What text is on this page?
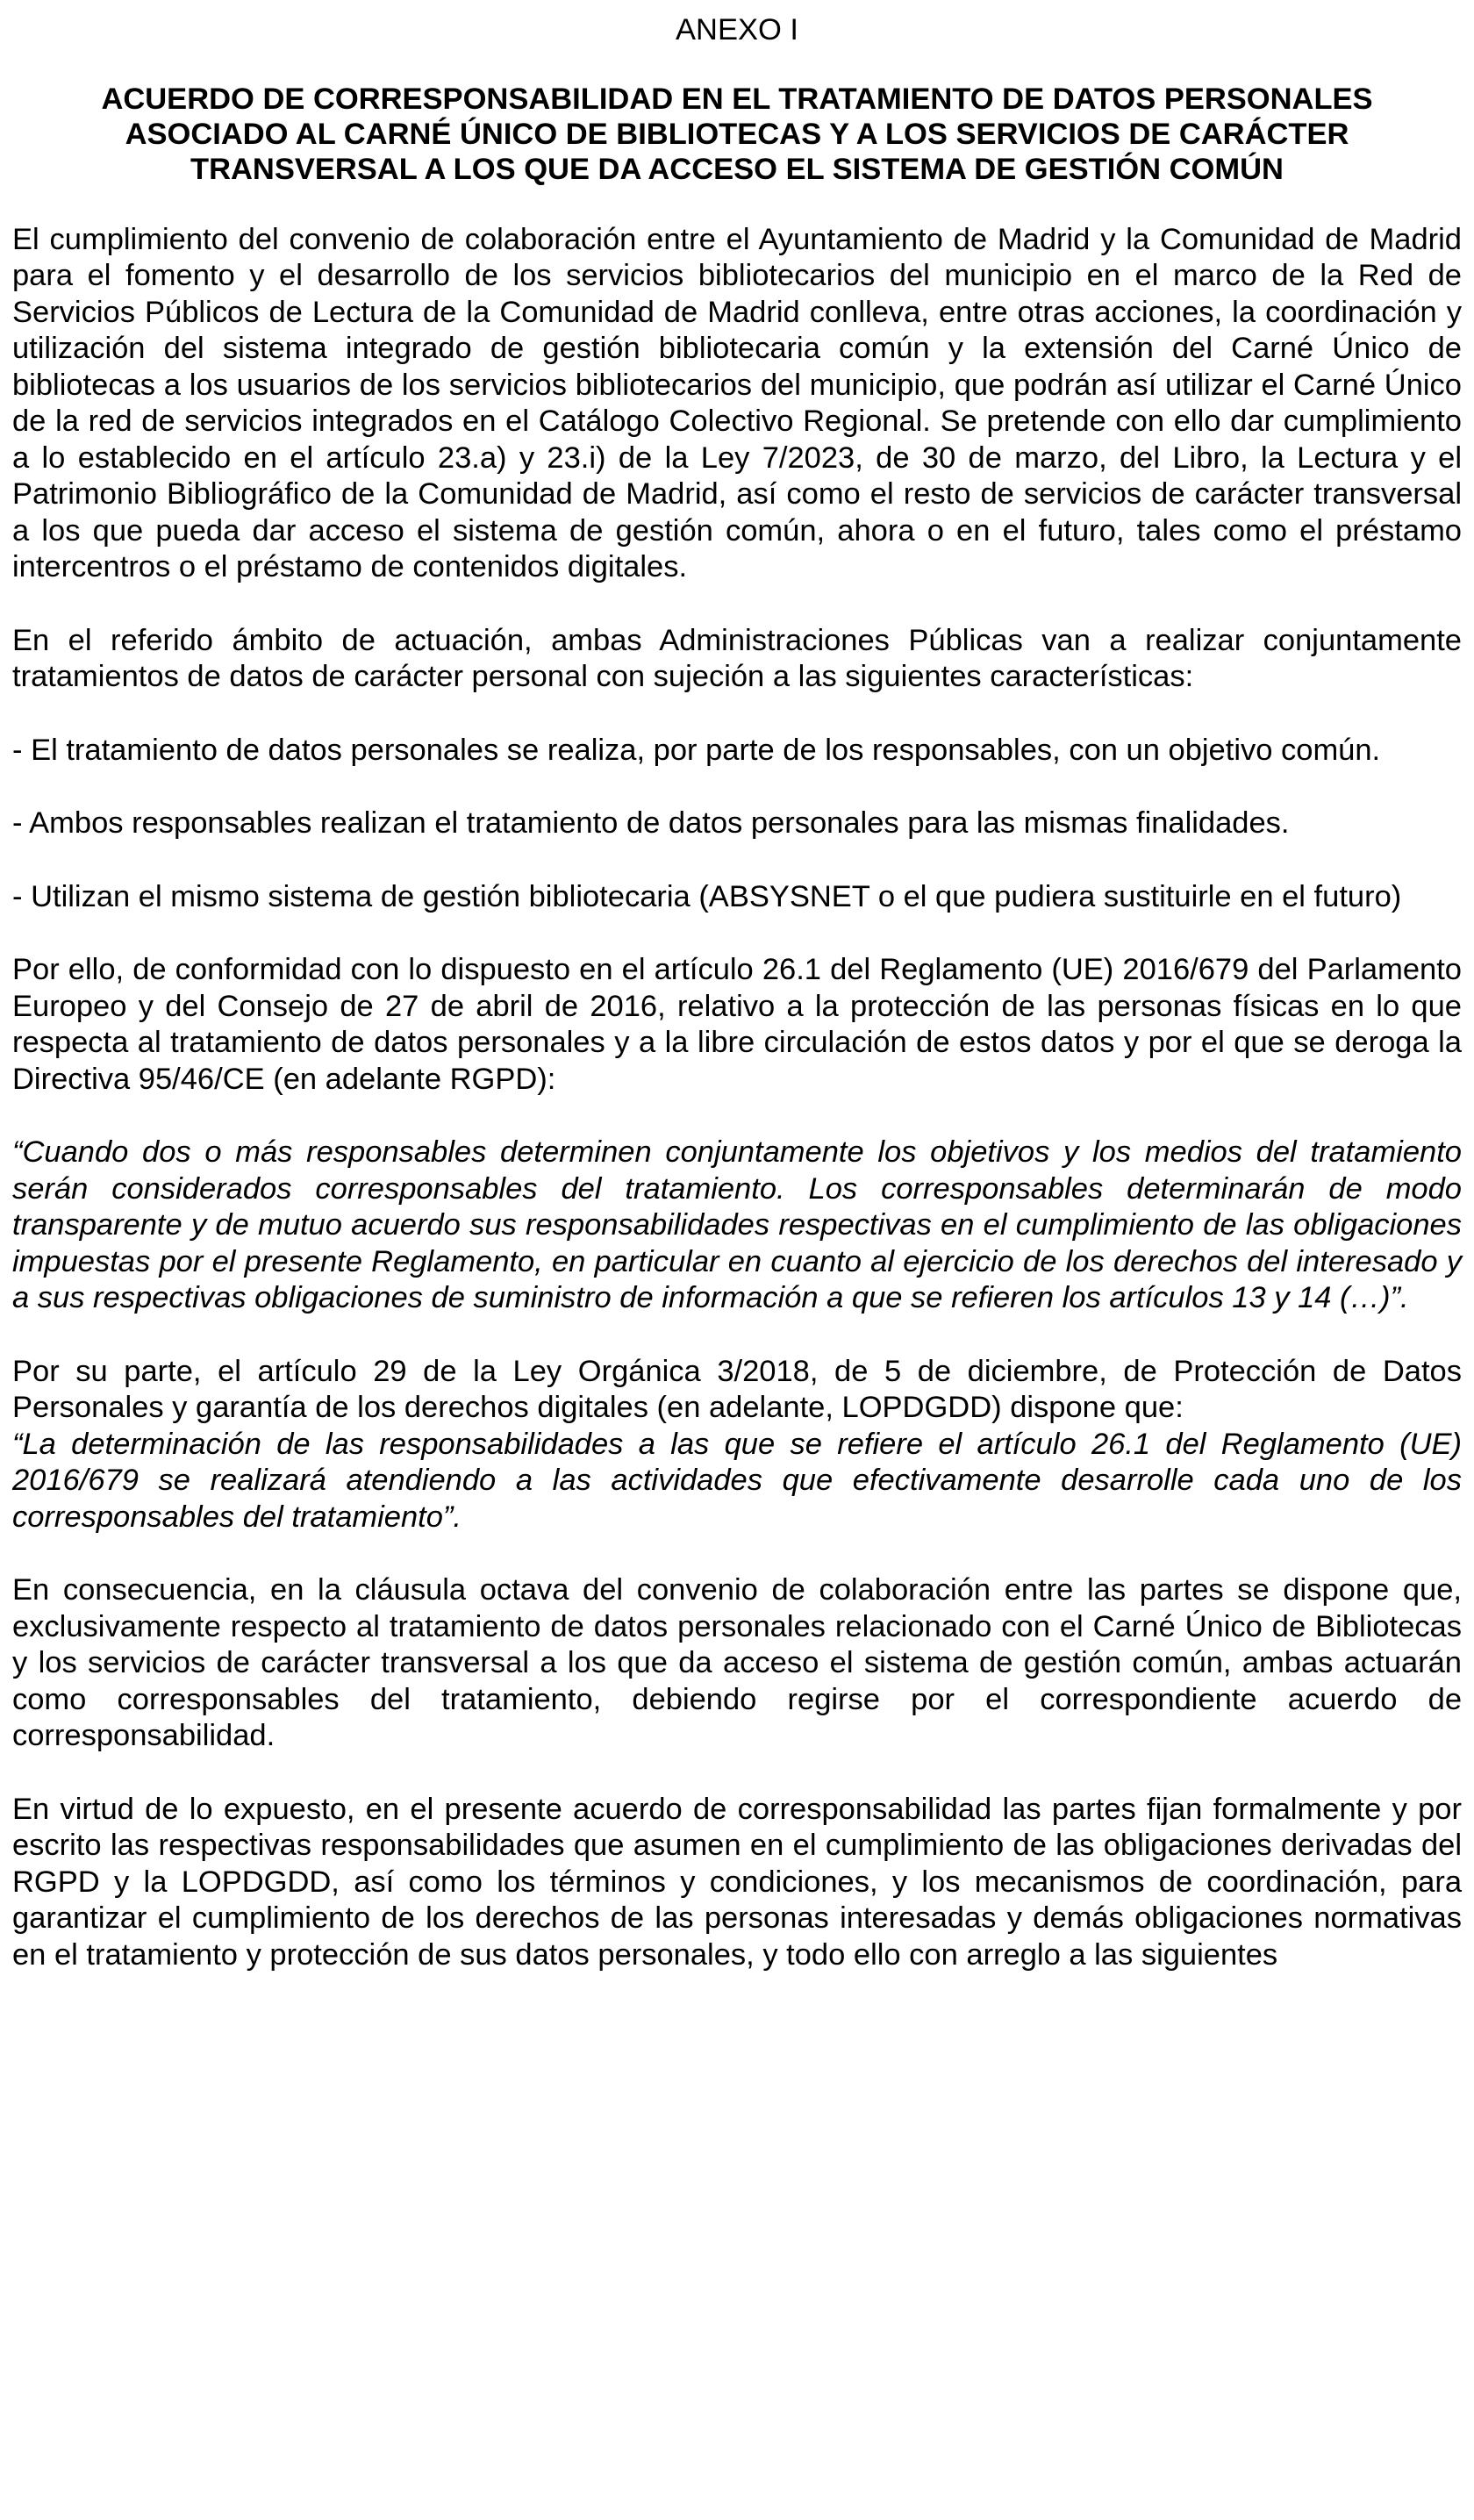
ANEXO I
ACUERDO DE CORRESPONSABILIDAD EN EL TRATAMIENTO DE DATOS PERSONALES
ASOCIADO AL CARNÉ ÚNICO DE BIBLIOTECAS Y A LOS SERVICIOS DE CARÁCTER
TRANSVERSAL A LOS QUE DA ACCESO EL SISTEMA DE GESTIÓN COMÚN

El cumplimiento del convenio de colaboración entre el Ayuntamiento de Madrid y la Comunidad de Madrid para el fomento y el desarrollo de los servicios bibliotecarios del municipio en el marco de la Red de Servicios Públicos de Lectura de la Comunidad de Madrid conlleva, entre otras acciones, la coordinación y utilización del sistema integrado de gestión bibliotecaria común y la extensión del Carné Único de bibliotecas a los usuarios de los servicios bibliotecarios del municipio, que podrán así utilizar el Carné Único de la red de servicios integrados en el Catálogo Colectivo Regional. Se pretende con ello dar cumplimiento a lo establecido en el artículo 23.a) y 23.i) de la Ley 7/2023, de 30 de marzo, del Libro, la Lectura y el Patrimonio Bibliográfico de la Comunidad de Madrid, así como el resto de servicios de carácter transversal a los que pueda dar acceso el sistema de gestión común, ahora o en el futuro, tales como el préstamo intercentros o el préstamo de contenidos digitales.

En el referido ámbito de actuación, ambas Administraciones Públicas van a realizar conjuntamente tratamientos de datos de carácter personal con sujeción a las siguientes características:

- El tratamiento de datos personales se realiza, por parte de los responsables, con un objetivo común.

- Ambos responsables realizan el tratamiento de datos personales para las mismas finalidades.

- Utilizan el mismo sistema de gestión bibliotecaria (ABSYSNET o el que pudiera sustituirle en el futuro)

Por ello, de conformidad con lo dispuesto en el artículo 26.1 del Reglamento (UE) 2016/679 del Parlamento Europeo y del Consejo de 27 de abril de 2016, relativo a la protección de las personas físicas en lo que respecta al tratamiento de datos personales y a la libre circulación de estos datos y por el que se deroga la Directiva 95/46/CE (en adelante RGPD):

“Cuando dos o más responsables determinen conjuntamente los objetivos y los medios del tratamiento serán considerados corresponsables del tratamiento. Los corresponsables determinarán de modo transparente y de mutuo acuerdo sus responsabilidades respectivas en el cumplimiento de las obligaciones impuestas por el presente Reglamento, en particular en cuanto al ejercicio de los derechos del interesado y a sus respectivas obligaciones de suministro de información a que se refieren los artículos 13 y 14 (…)”.

Por su parte, el artículo 29 de la Ley Orgánica 3/2018, de 5 de diciembre, de Protección de Datos Personales y garantía de los derechos digitales (en adelante, LOPDGDD) dispone que:

“La determinación de las responsabilidades a las que se refiere el artículo 26.1 del Reglamento (UE) 2016/679 se realizará atendiendo a las actividades que efectivamente desarrolle cada uno de los corresponsables del tratamiento”.

En consecuencia, en la cláusula octava del convenio de colaboración entre las partes se dispone que, exclusivamente respecto al tratamiento de datos personales relacionado con el Carné Único de Bibliotecas y los servicios de carácter transversal a los que da acceso el sistema de gestión común, ambas actuarán como corresponsables del tratamiento, debiendo regirse por el correspondiente acuerdo de corresponsabilidad.

En virtud de lo expuesto, en el presente acuerdo de corresponsabilidad las partes fijan formalmente y por escrito las respectivas responsabilidades que asumen en el cumplimiento de las obligaciones derivadas del RGPD y la LOPDGDD, así como los términos y condiciones, y los mecanismos de coordinación, para garantizar el cumplimiento de los derechos de las personas interesadas y demás obligaciones normativas en el tratamiento y protección de sus datos personales, y todo ello con arreglo a las siguientes
